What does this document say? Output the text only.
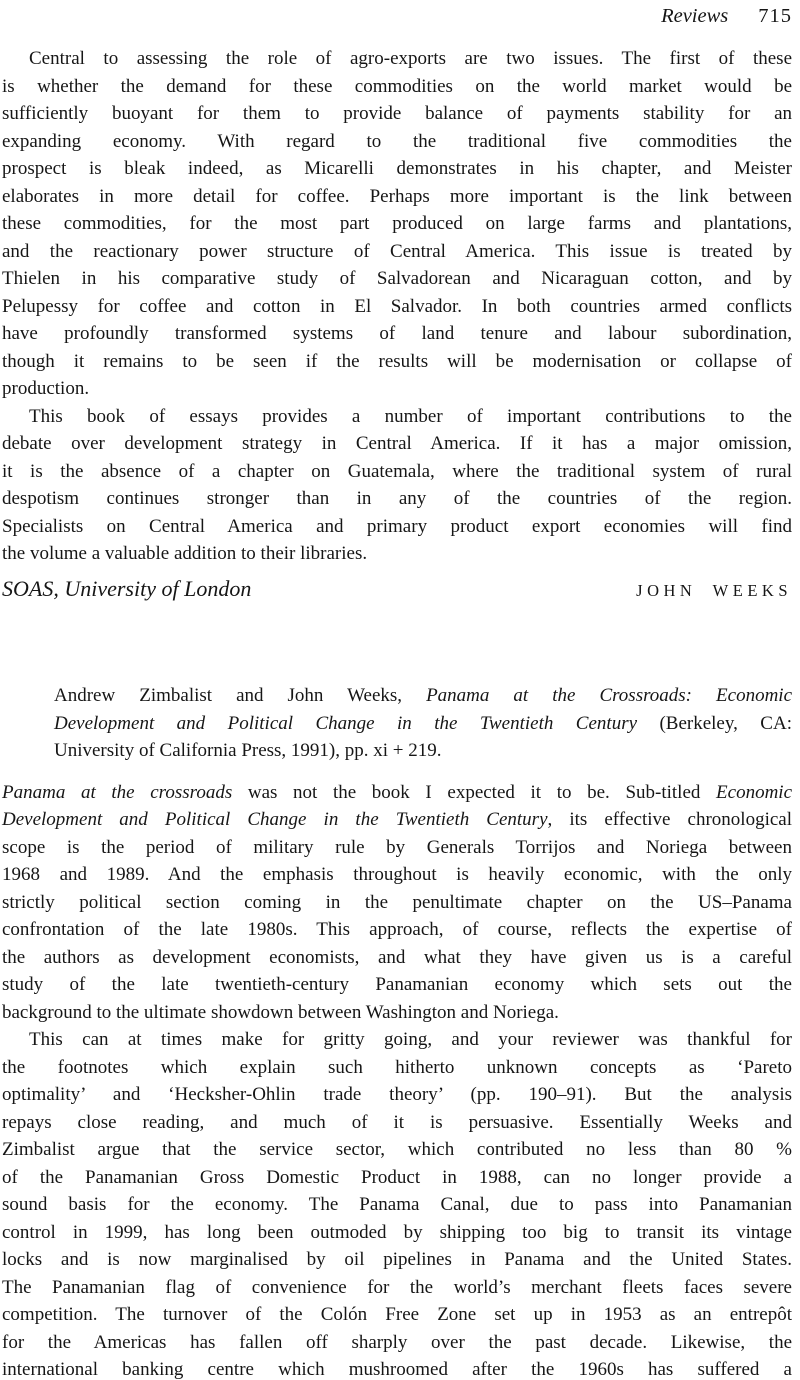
Reviews 715
Central to assessing the role of agro-exports are two issues. The first of these
is whether the demand for these commodities on the world market would be
sufficiently buoyant for them to provide balance of payments stability for an
expanding economy. With regard to the traditional five commodities the
prospect is bleak indeed, as Micarelli demonstrates in his chapter, and Meister
elaborates in more detail for coffee. Perhaps more important is the link between
these commodities, for the most part produced on large farms and plantations,
and the reactionary power structure of Central America. This issue is treated by
Thielen in his comparative study of Salvadorean and Nicaraguan cotton, and by
Pelupessy for coffee and cotton in El Salvador. In both countries armed conflicts
have profoundly transformed systems of land tenure and labour subordination,
though it remains to be seen if the results will be modernisation or collapse of
production.
This book of essays provides a number of important contributions to the
debate over development strategy in Central America. If it has a major omission,
it is the absence of a chapter on Guatemala, where the traditional system of rural
despotism continues stronger than in any of the countries of the region.
Specialists on Central America and primary product export economies will find
the volume a valuable addition to their libraries.
SOAS, University of London	JOHN WEEKS
Andrew Zimbalist and John Weeks, Panama at the Crossroads: Economic
Development and Political Change in the Twentieth Century (Berkeley, CA:
University of California Press, 1991), pp. xi + 219.
Panama at the crossroads was not the book I expected it to be. Sub-titled Economic
Development and Political Change in the Twentieth Century, its effective chronological
scope is the period of military rule by Generals Torrijos and Noriega between
1968 and 1989. And the emphasis throughout is heavily economic, with the only
strictly political section coming in the penultimate chapter on the US–Panama
confrontation of the late 1980s. This approach, of course, reflects the expertise of
the authors as development economists, and what they have given us is a careful
study of the late twentieth-century Panamanian economy which sets out the
background to the ultimate showdown between Washington and Noriega.
This can at times make for gritty going, and your reviewer was thankful for
the footnotes which explain such hitherto unknown concepts as ‘Pareto
optimality’ and ‘Hecksher-Ohlin trade theory’ (pp. 190–91). But the analysis
repays close reading, and much of it is persuasive. Essentially Weeks and
Zimbalist argue that the service sector, which contributed no less than 80 %
of the Panamanian Gross Domestic Product in 1988, can no longer provide a
sound basis for the economy. The Panama Canal, due to pass into Panamanian
control in 1999, has long been outmoded by shipping too big to transit its vintage
locks and is now marginalised by oil pipelines in Panama and the United States.
The Panamanian flag of convenience for the world’s merchant fleets faces severe
competition. The turnover of the Colón Free Zone set up in 1953 as an entrepôt
for the Americas has fallen off sharply over the past decade. Likewise, the
international banking centre which mushroomed after the 1960s has suffered a
